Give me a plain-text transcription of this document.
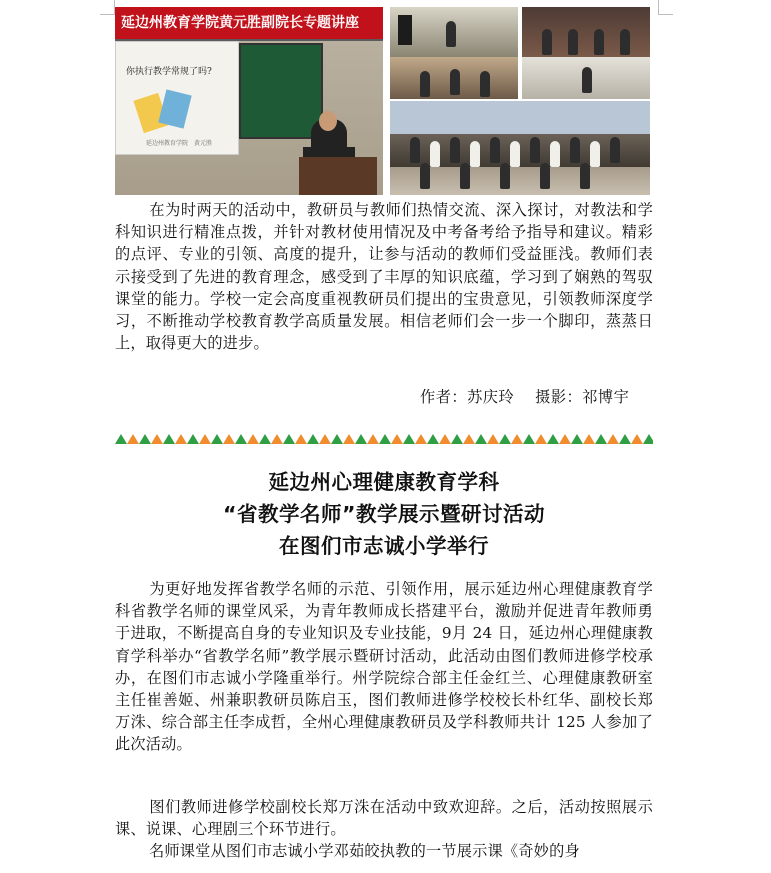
延边州教育学院黄元胜副院长专题讲座
你执行教学常规了吗?
延边州教育学院　黄元胜
在为时两天的活动中，教研员与教师们热情交流、深入探讨，对教法和学科知识进行精准点拨，并针对教材使用情况及中考备考给予指导和建议。精彩的点评、专业的引领、高度的提升，让参与活动的教师们受益匪浅。教师们表示接受到了先进的教育理念，感受到了丰厚的知识底蕴，学习到了娴熟的驾驭课堂的能力。学校一定会高度重视教研员们提出的宝贵意见，引领教师深度学习，不断推动学校教育教学高质量发展。相信老师们会一步一个脚印，蒸蒸日上，取得更大的进步。
作者：苏庆玲　 摄影：祁博宇
延边州心理健康教育学科
“省教学名师”教学展示暨研讨活动
在图们市志诚小学举行
为更好地发挥省教学名师的示范、引领作用，展示延边州心理健康教育学科省教学名师的课堂风采，为青年教师成长搭建平台，激励并促进青年教师勇于进取，不断提高自身的专业知识及专业技能，9月 24 日，延边州心理健康教育学科举办“省教学名师”教学展示暨研讨活动，此活动由图们教师进修学校承办，在图们市志诚小学隆重举行。州学院综合部主任金红兰、心理健康教研室主任崔善姬、州兼职教研员陈启玉，图们教师进修学校校长朴红华、副校长郑万洙、综合部主任李成哲，全州心理健康教研员及学科教师共计 125 人参加了此次活动。
图们教师进修学校副校长郑万洙在活动中致欢迎辞。之后，活动按照展示课、说课、心理剧三个环节进行。
名师课堂从图们市志诚小学邓茹皎执教的一节展示课《奇妙的身
